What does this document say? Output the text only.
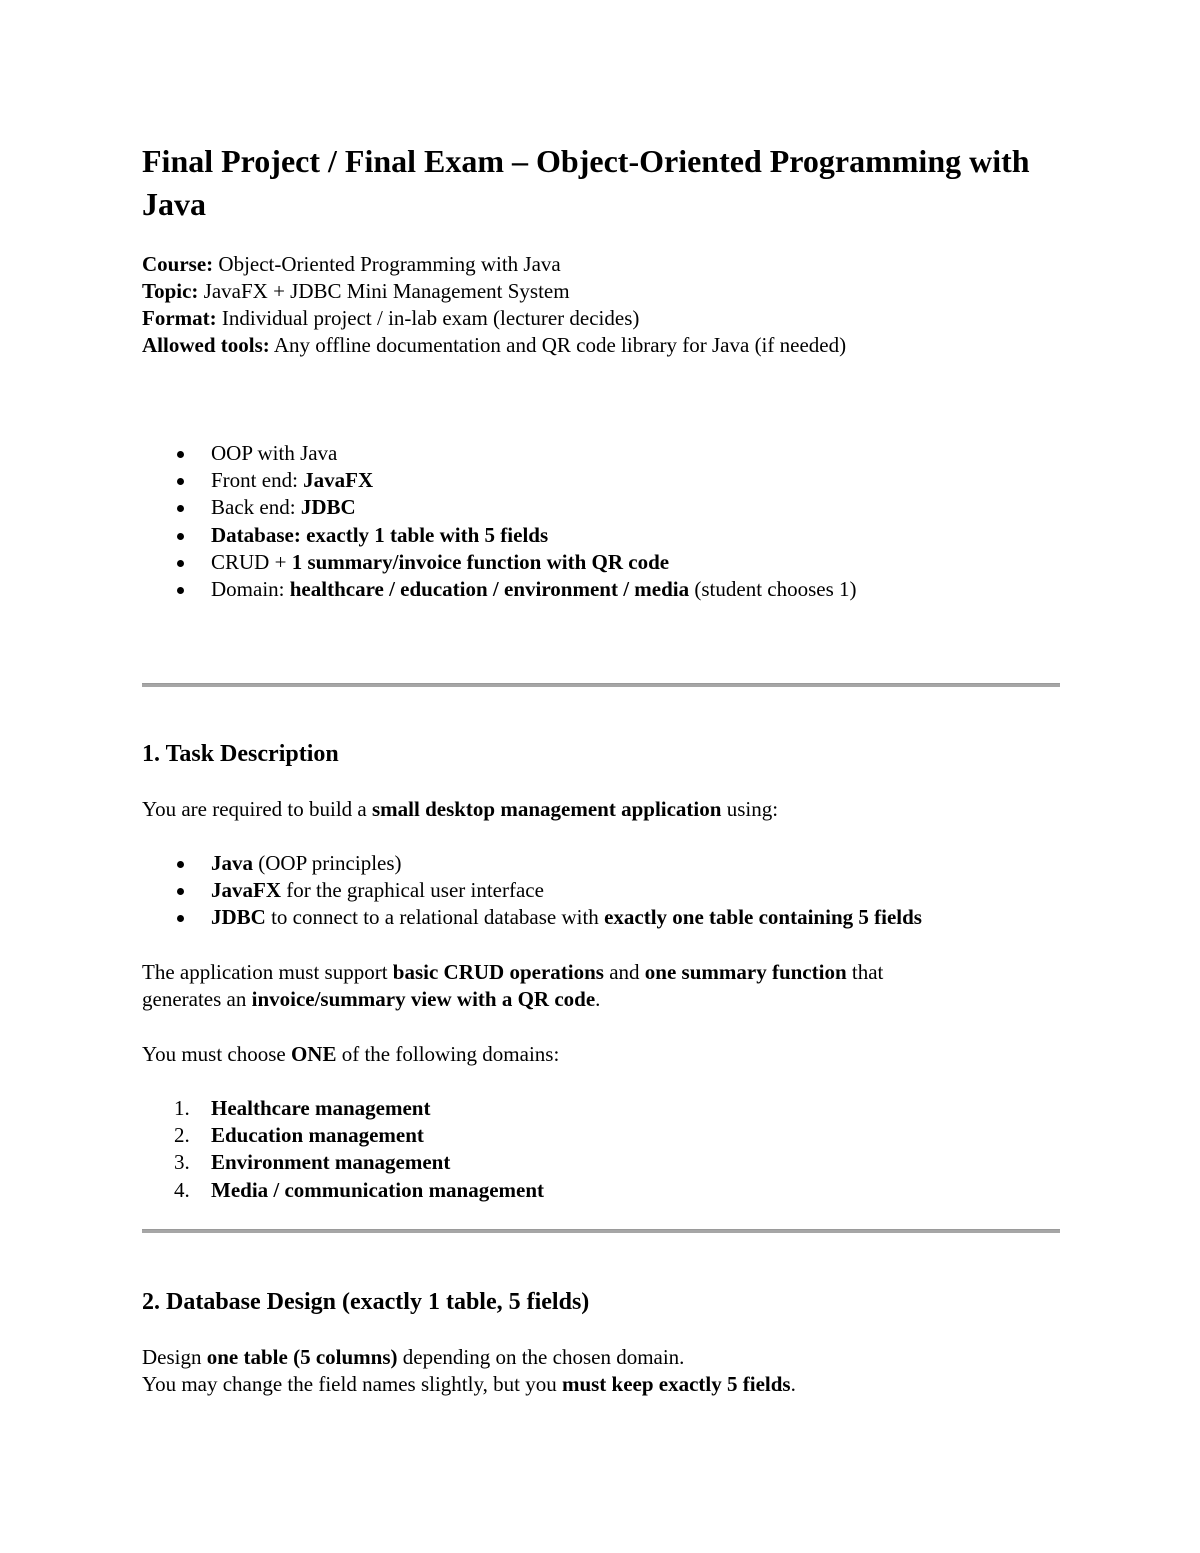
Final Project / Final Exam – Object-Oriented Programming with Java
Course: Object-Oriented Programming with Java
Topic: JavaFX + JDBC Mini Management System
Format: Individual project / in-lab exam (lecturer decides)
Allowed tools: Any offline documentation and QR code library for Java (if needed)
OOP with Java
Front end: JavaFX
Back end: JDBC
Database: exactly 1 table with 5 fields
CRUD + 1 summary/invoice function with QR code
Domain: healthcare / education / environment / media (student chooses 1)
1. Task Description

You are required to build a small desktop management application using:

Java (OOP principles)
JavaFX for the graphical user interface
JDBC to connect to a relational database with exactly one table containing 5 fields

The application must support basic CRUD operations and one summary function that
generates an invoice/summary view with a QR code.

You must choose ONE of the following domains:

1. Healthcare management
2. Education management
3. Environment management
4. Media / communication management
2. Database Design (exactly 1 table, 5 fields)

Design one table (5 columns) depending on the chosen domain.
You may change the field names slightly, but you must keep exactly 5 fields.
